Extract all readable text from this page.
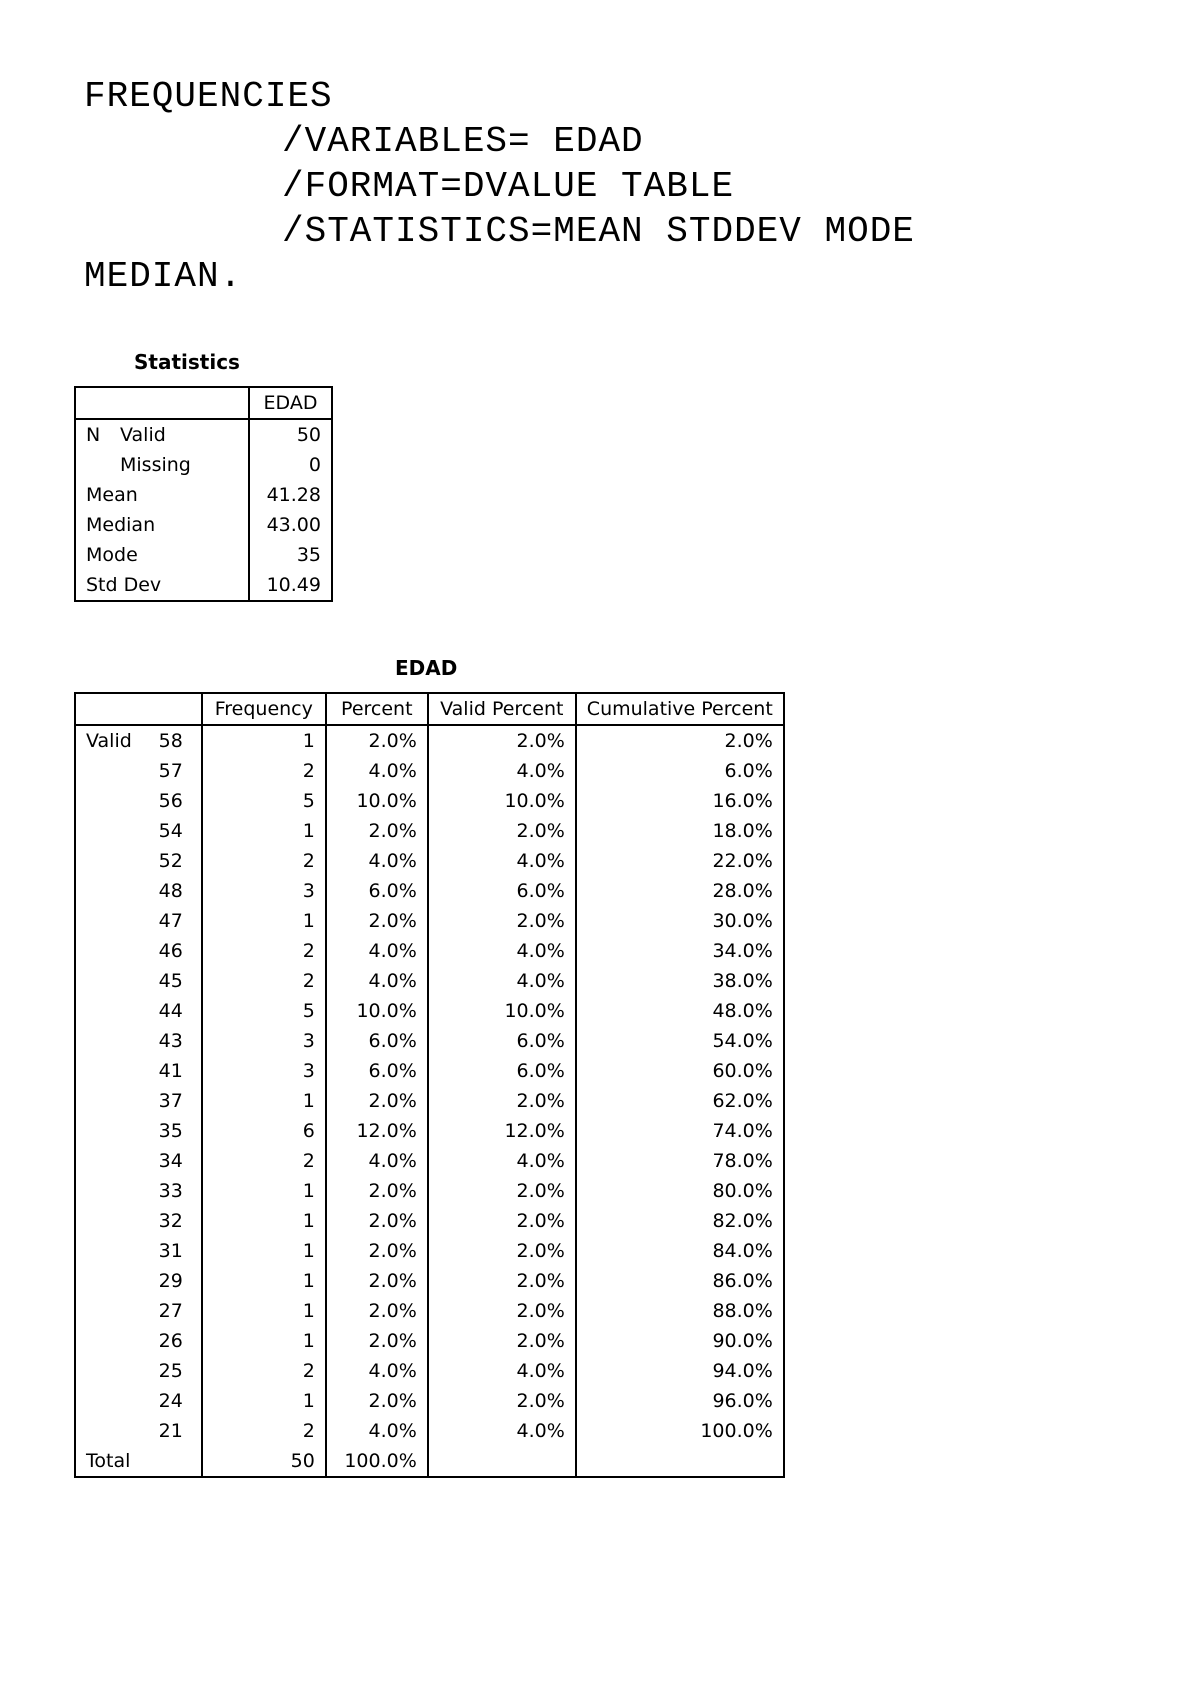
FREQUENCIES
/VARIABLES= EDAD
/FORMAT=DVALUE TABLE
/STATISTICS=MEAN STDDEV MODE
MEDIAN.
Statistics
		EDAD
N	Valid	50
	Missing	0
Mean		41.28
Median		43.00
Mode		35
Std Dev		10.49
EDAD
		Frequency	Percent	Valid Percent	Cumulative Percent
Valid	58	1	2.0%	2.0%	2.0%
	57	2	4.0%	4.0%	6.0%
	56	5	10.0%	10.0%	16.0%
	54	1	2.0%	2.0%	18.0%
	52	2	4.0%	4.0%	22.0%
	48	3	6.0%	6.0%	28.0%
	47	1	2.0%	2.0%	30.0%
	46	2	4.0%	4.0%	34.0%
	45	2	4.0%	4.0%	38.0%
	44	5	10.0%	10.0%	48.0%
	43	3	6.0%	6.0%	54.0%
	41	3	6.0%	6.0%	60.0%
	37	1	2.0%	2.0%	62.0%
	35	6	12.0%	12.0%	74.0%
	34	2	4.0%	4.0%	78.0%
	33	1	2.0%	2.0%	80.0%
	32	1	2.0%	2.0%	82.0%
	31	1	2.0%	2.0%	84.0%
	29	1	2.0%	2.0%	86.0%
	27	1	2.0%	2.0%	88.0%
	26	1	2.0%	2.0%	90.0%
	25	2	4.0%	4.0%	94.0%
	24	1	2.0%	2.0%	96.0%
	21	2	4.0%	4.0%	100.0%
Total		50	100.0%		
